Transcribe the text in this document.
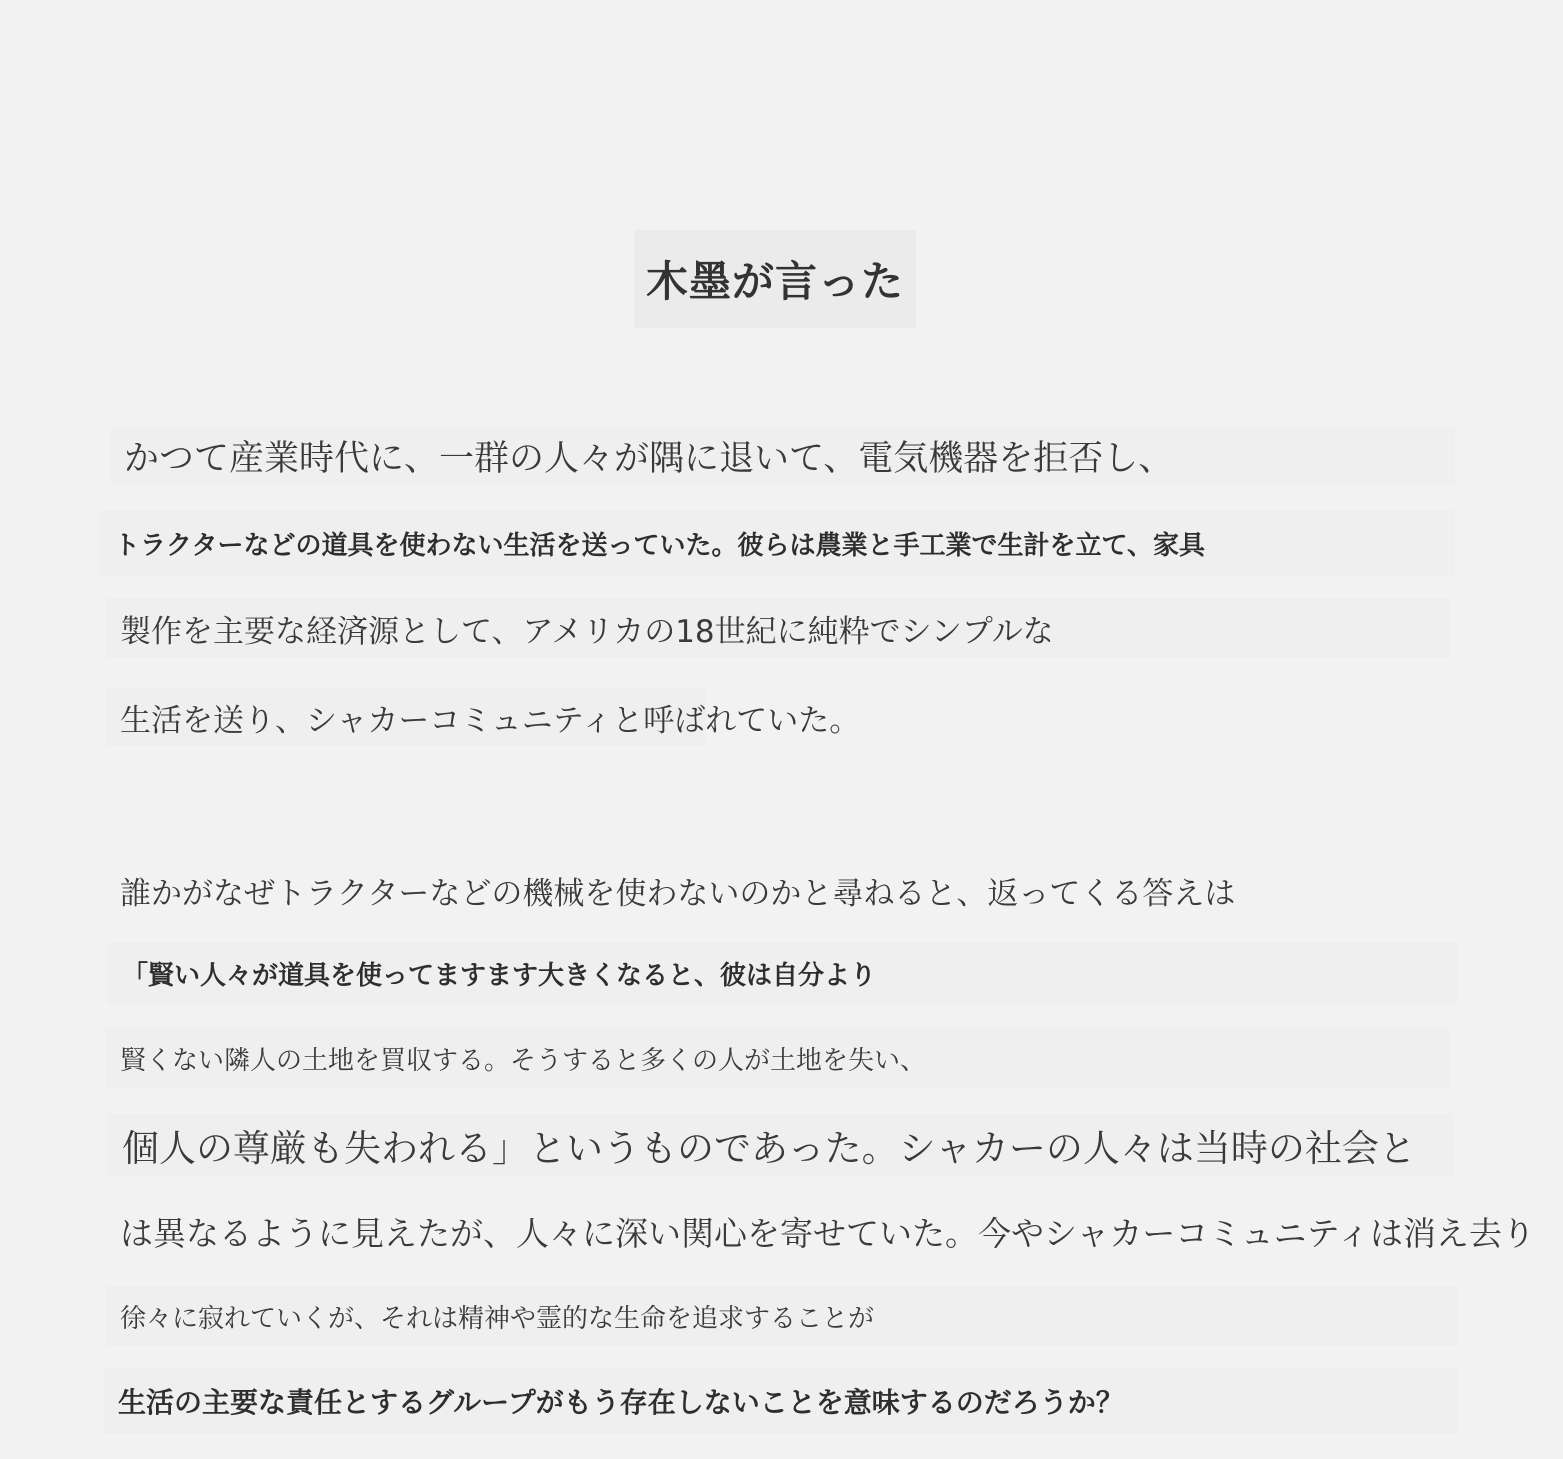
木墨が言った
かつて産業時代に、一群の人々が隅に退いて、電気機器を拒否し、
トラクターなどの道具を使わない生活を送っていた。彼らは農業と手工業で生計を立て、家具
製作を主要な経済源として、アメリカの18世紀に純粋でシンプルな
生活を送り、シャカーコミュニティと呼ばれていた。
誰かがなぜトラクターなどの機械を使わないのかと尋ねると、返ってくる答えは
「賢い人々が道具を使ってますます大きくなると、彼は自分より
賢くない隣人の土地を買収する。そうすると多くの人が土地を失い、
個人の尊厳も失われる」というものであった。シャカーの人々は当時の社会と
は異なるように見えたが、人々に深い関心を寄せていた。今やシャカーコミュニティは消え去り
徐々に寂れていくが、それは精神や霊的な生命を追求することが
生活の主要な責任とするグループがもう存在しないことを意味するのだろうか？
